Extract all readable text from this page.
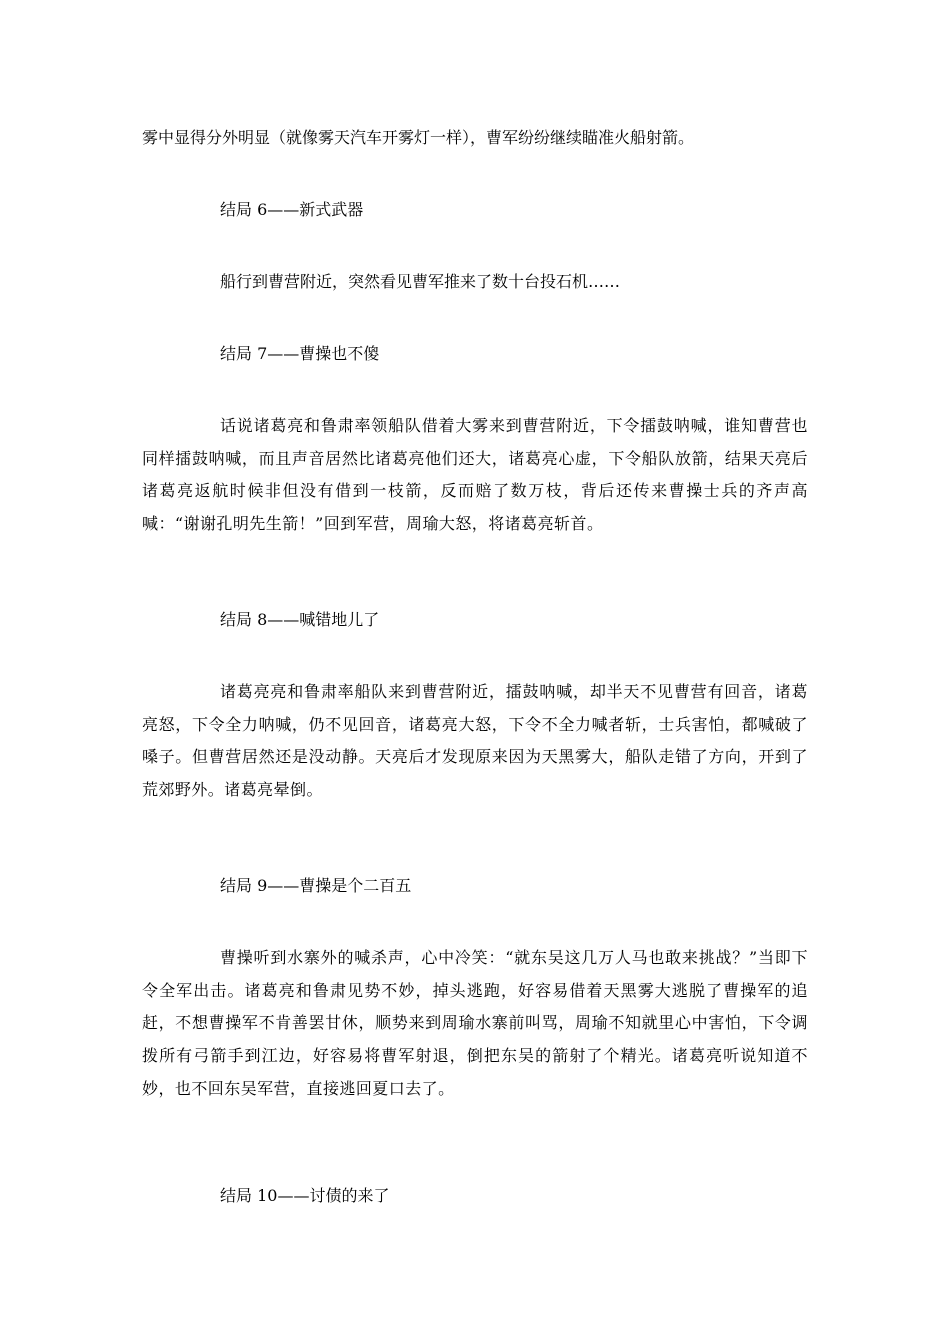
雾中显得分外明显（就像雾天汽车开雾灯一样），曹军纷纷继续瞄准火船射箭。

结局 6——新式武器

船行到曹营附近，突然看见曹军推来了数十台投石机……

结局 7——曹操也不傻

话说诸葛亮和鲁肃率领船队借着大雾来到曹营附近，下令擂鼓呐喊，谁知曹营也同样擂鼓呐喊，而且声音居然比诸葛亮他们还大，诸葛亮心虚，下令船队放箭，结果天亮后诸葛亮返航时候非但没有借到一枝箭，反而赔了数万枝，背后还传来曹操士兵的齐声高喊：“谢谢孔明先生箭！”回到军营，周瑜大怒，将诸葛亮斩首。

结局 8——喊错地儿了

诸葛亮亮和鲁肃率船队来到曹营附近，擂鼓呐喊，却半天不见曹营有回音，诸葛亮怒，下令全力呐喊，仍不见回音，诸葛亮大怒，下令不全力喊者斩，士兵害怕，都喊破了嗓子。但曹营居然还是没动静。天亮后才发现原来因为天黑雾大，船队走错了方向，开到了荒郊野外。诸葛亮晕倒。

结局 9——曹操是个二百五

曹操听到水寨外的喊杀声，心中冷笑：“就东吴这几万人马也敢来挑战？”当即下令全军出击。诸葛亮和鲁肃见势不妙，掉头逃跑，好容易借着天黑雾大逃脱了曹操军的追赶，不想曹操军不肯善罢甘休，顺势来到周瑜水寨前叫骂，周瑜不知就里心中害怕，下令调拨所有弓箭手到江边，好容易将曹军射退，倒把东吴的箭射了个精光。诸葛亮听说知道不妙，也不回东吴军营，直接逃回夏口去了。

结局 10——讨债的来了
